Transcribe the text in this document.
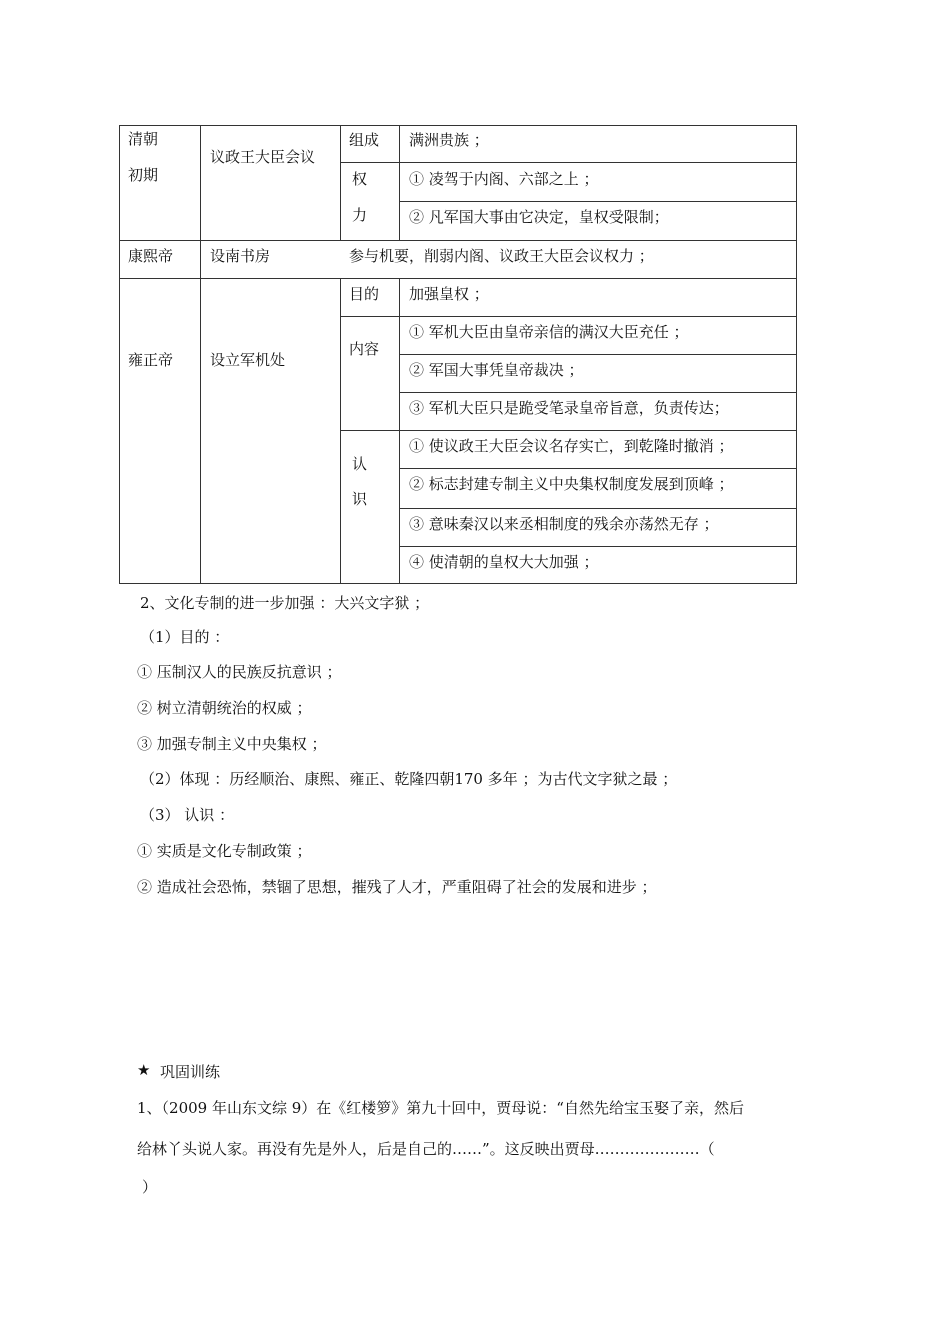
清朝
初期
议政王大臣会议
组成 满洲贵族 ；
权
力
① 凌驾于内阁、六部之上 ；
② 凡军国大事由它决定，皇权受限制；
康熙帝 设南书房	参与机要，削弱内阁、议政王大臣会议权力 ；
雍正帝 设立军机处
目的 加强皇权 ；
内容
① 军机大臣由皇帝亲信的满汉大臣充任 ；
② 军国大事凭皇帝裁决 ；
③ 军机大臣只是跪受笔录皇帝旨意，负责传达；
认
识
① 使议政王大臣会议名存实亡，到乾隆时撤消 ；
② 标志封建专制主义中央集权制度发展到顶峰 ；
③ 意味秦汉以来丞相制度的残余亦荡然无存 ；
④ 使清朝的皇权大大加强 ；
2、文化专制的进一步加强 ：大兴文字狱 ；
（1）目的 ：
① 压制汉人的民族反抗意识 ；
② 树立清朝统治的权威 ；
③ 加强专制主义中央集权 ；
（2）体现 ：历经顺治、康熙、雍正、乾隆四朝170 多年 ；为古代文字狱之最 ；
（3） 认识 ：
① 实质是文化专制政策 ；
② 造成社会恐怖，禁锢了思想，摧残了人才，严重阻碍了社会的发展和进步 ；
★ 巩固训练
1、（2009 年山东文综 9）在《红楼箩》第九十回中，贾母说：“自然先给宝玉娶了亲，然后
给林丫头说人家。再没有先是外人，后是自己的……”。这反映出贾母…………………（
）
